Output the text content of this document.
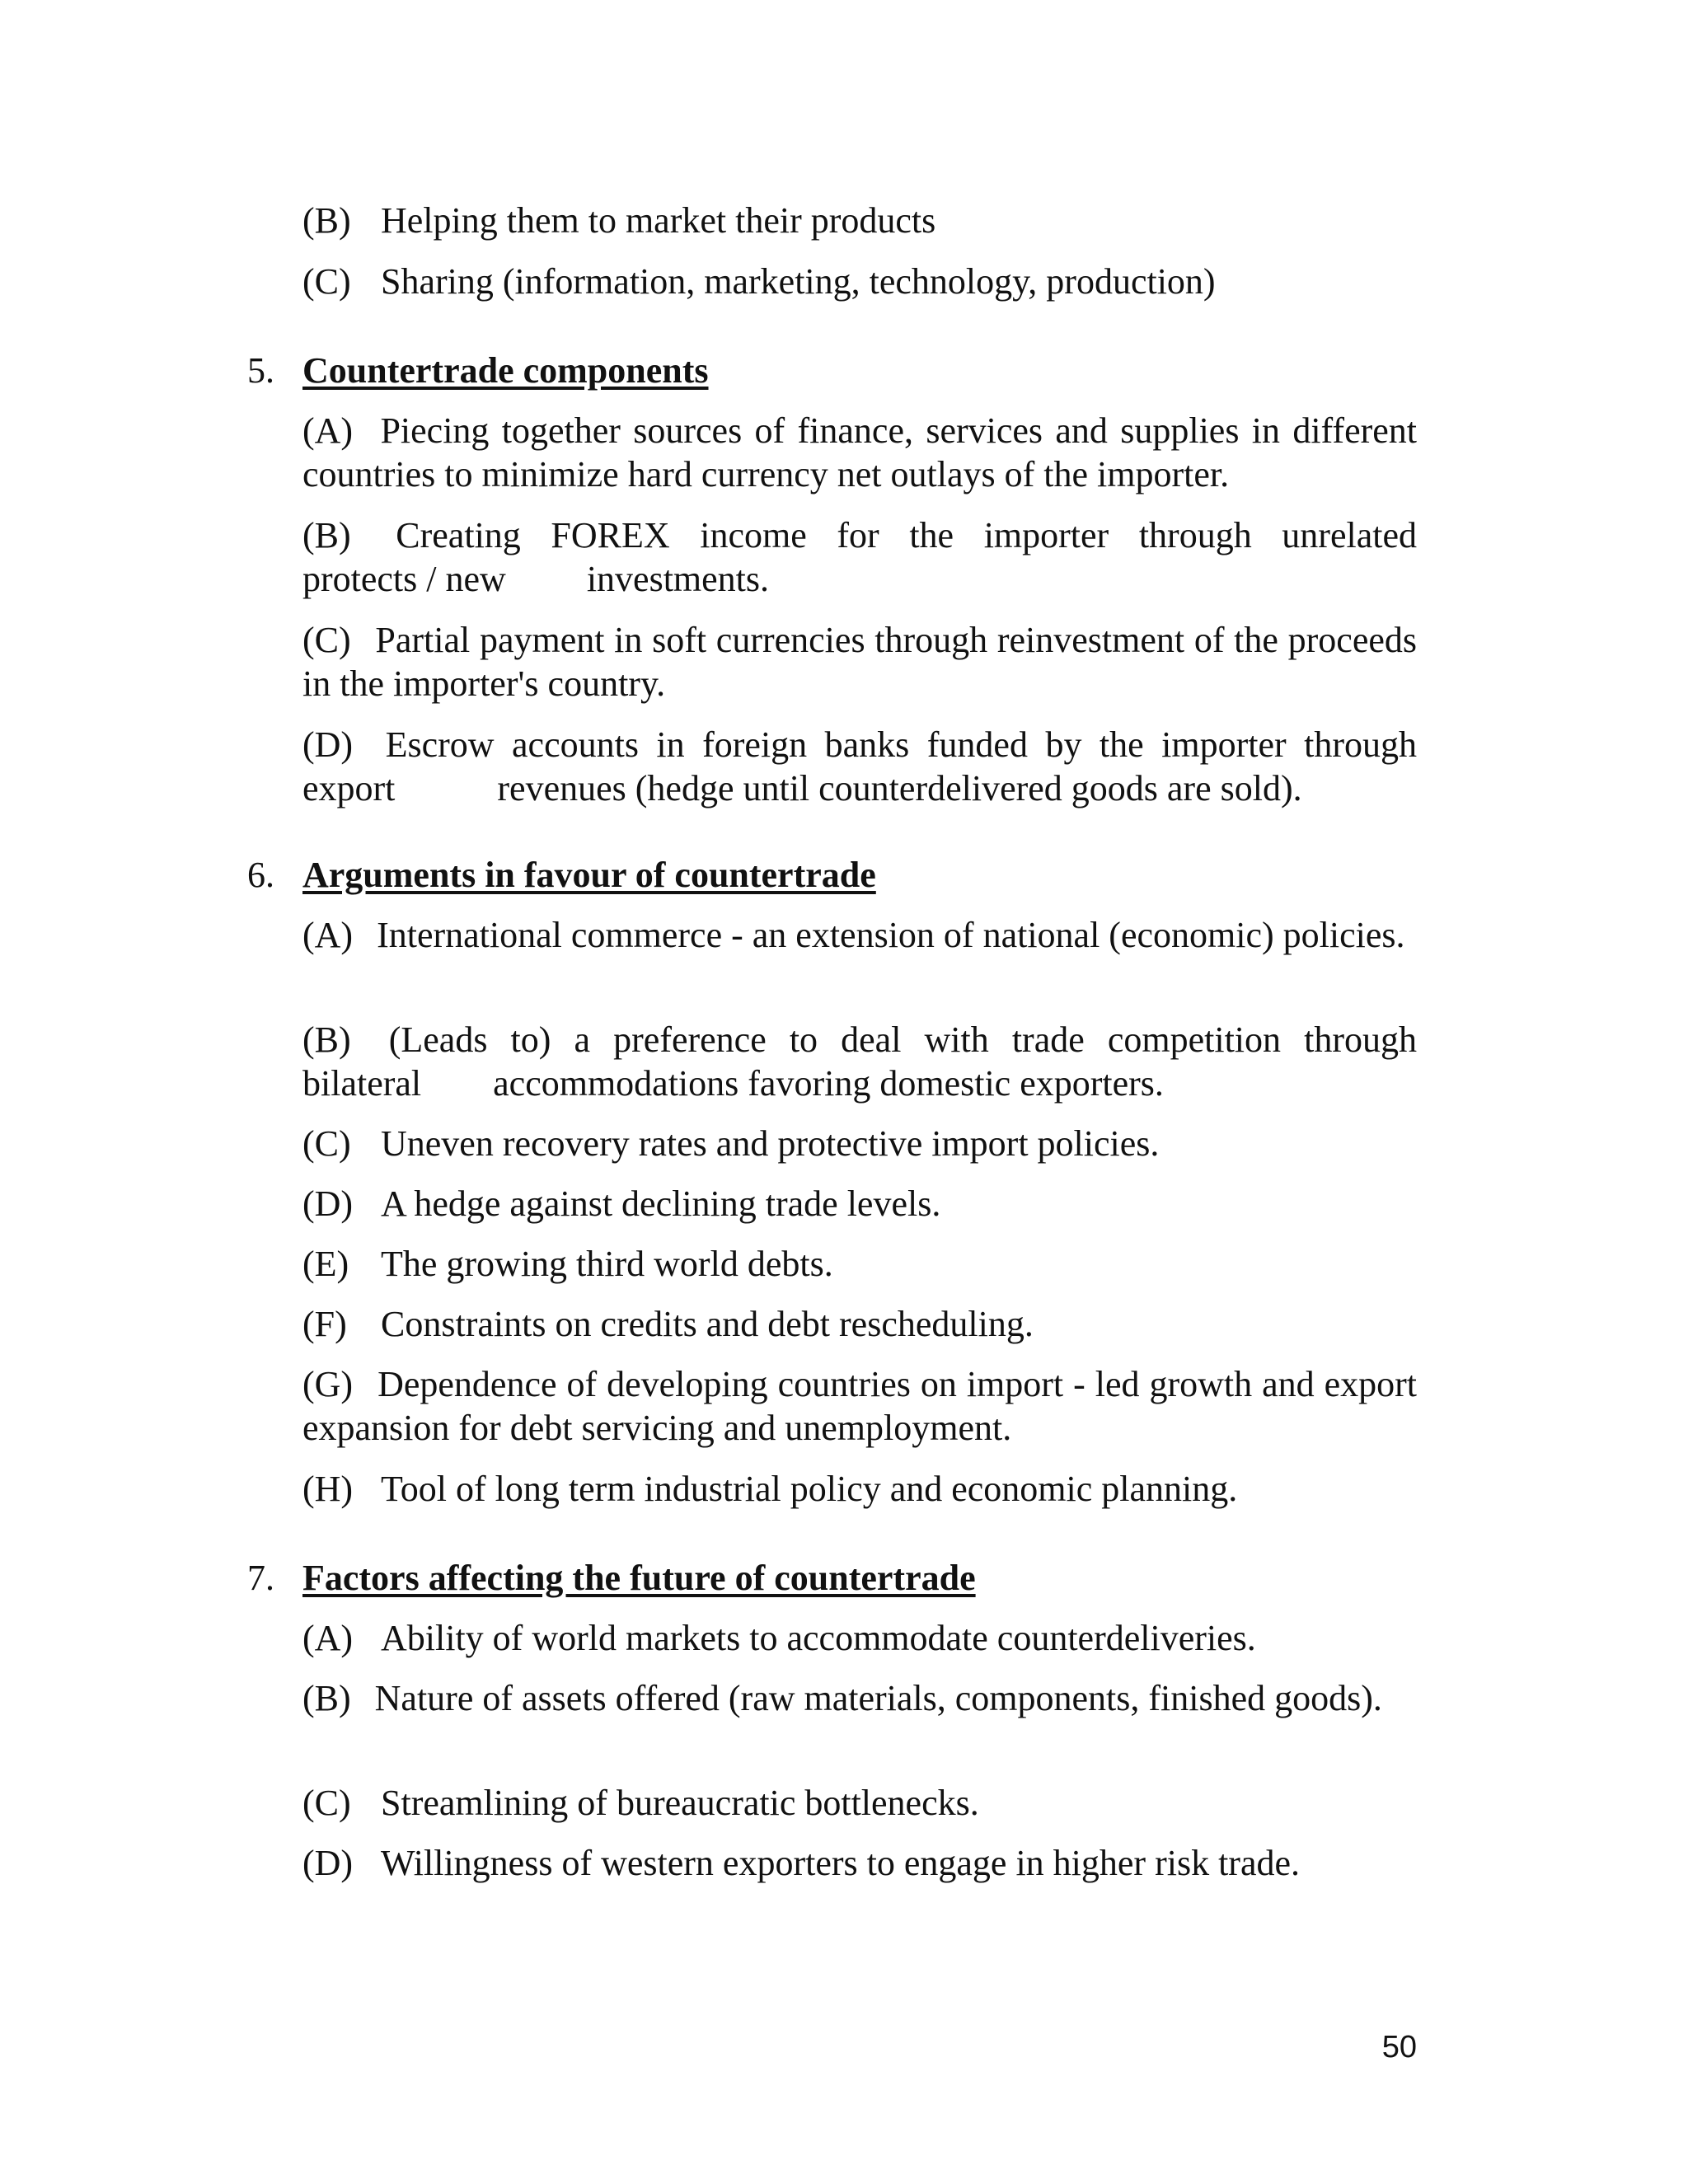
(B) Helping them to market their products
(C) Sharing (information, marketing, technology, production)
5. Countertrade components
(A) Piecing together sources of finance, services and supplies in different countries to minimize hard currency net outlays of the importer.
(B) Creating FOREX income for the importer through unrelated
protects / new investments.
(C) Partial payment in soft currencies through reinvestment of the proceeds in the importer's country.
(D) Escrow accounts in foreign banks funded by the importer through
export	revenues (hedge until counterdelivered goods are sold).
6. Arguments in favour of countertrade
(A) International commerce - an extension of national (economic) policies.
(B) (Leads to) a preference to deal with trade competition through
bilateral accommodations favoring domestic exporters.
(C) Uneven recovery rates and protective import policies.
(D) A hedge against declining trade levels.
(E) The growing third world debts.
(F) Constraints on credits and debt rescheduling.
(G) Dependence of developing countries on import - led growth and export expansion for debt servicing and unemployment.
(H) Tool of long term industrial policy and economic planning.
7. Factors affecting the future of countertrade
(A) Ability of world markets to accommodate counterdeliveries.
(B) Nature of assets offered (raw materials, components, finished goods).
(C) Streamlining of bureaucratic bottlenecks.
(D) Willingness of western exporters to engage in higher risk trade.
50
